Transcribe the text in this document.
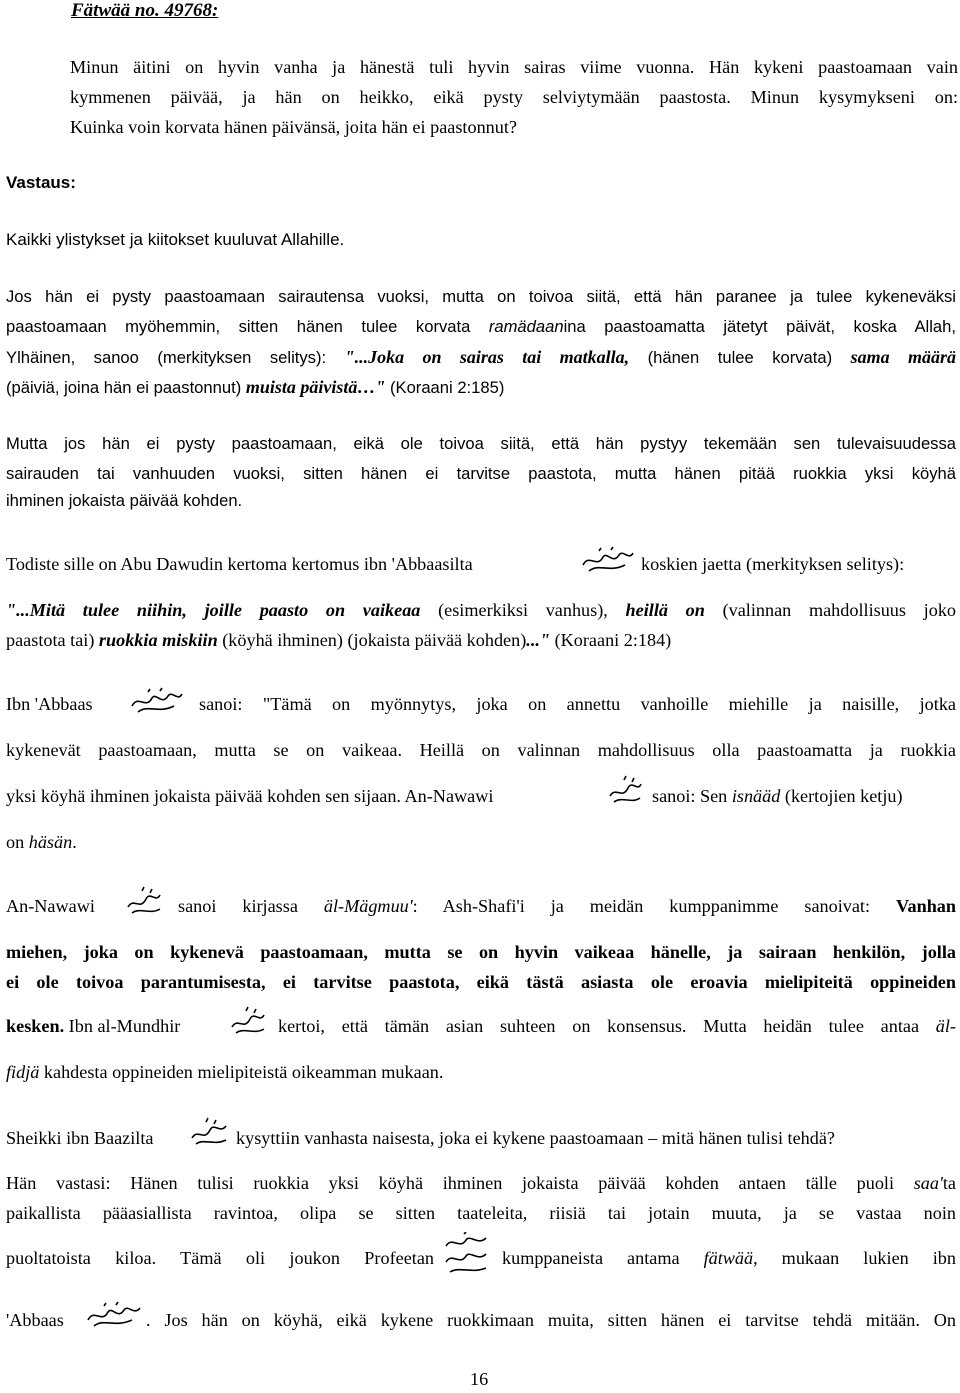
Fätwää no. 49768:
Minun äitini on hyvin vanha ja hänestä tuli hyvin sairas viime vuonna. Hän kykeni paastoamaan vain
kymmenen päivää, ja hän on heikko, eikä pysty selviytymään paastosta. Minun kysymykseni on:
Kuinka voin korvata hänen päivänsä, joita hän ei paastonnut?
Vastaus:
Kaikki ylistykset ja kiitokset kuuluvat Allahille.
Jos hän ei pysty paastoamaan sairautensa vuoksi, mutta on toivoa siitä, että hän paranee ja tulee kykeneväksi
paastoamaan myöhemmin, sitten hänen tulee korvata ramädaanina paastoamatta jätetyt päivät, koska Allah,
Ylhäinen, sanoo (merkityksen selitys): "...Joka on sairas tai matkalla, (hänen tulee korvata) sama määrä
(päiviä, joina hän ei paastonnut) muista päivistä…" (Koraani 2:185)
Mutta jos hän ei pysty paastoamaan, eikä ole toivoa siitä, että hän pystyy tekemään sen tulevaisuudessa
sairauden tai vanhuuden vuoksi, sitten hänen ei tarvitse paastota, mutta hänen pitää ruokkia yksi köyhä
ihminen jokaista päivää kohden.
Todiste sille on Abu Dawudin kertoma kertomus ibn 'Abbaasilta	koskien jaetta (merkityksen selitys):
"...Mitä tulee niihin, joille paasto on vaikeaa (esimerkiksi vanhus), heillä on (valinnan mahdollisuus joko
paastota tai) ruokkia miskiin (köyhä ihminen) (jokaista päivää kohden)..." (Koraani 2:184)
Ibn 'Abbaas	sanoi: "Tämä on myönnytys, joka on annettu vanhoille miehille ja naisille, jotka
kykenevät paastoamaan, mutta se on vaikeaa. Heillä on valinnan mahdollisuus olla paastoamatta ja ruokkia
yksi köyhä ihminen jokaista päivää kohden sen sijaan. An-Nawawi	sanoi: Sen isnääd (kertojien ketju)
on häsän.
An-Nawawi	sanoi kirjassa äl-Mägmuu': Ash-Shafi'i ja meidän kumppanimme sanoivat: Vanhan
miehen, joka on kykenevä paastoamaan, mutta se on hyvin vaikeaa hänelle, ja sairaan henkilön, jolla
ei ole toivoa parantumisesta, ei tarvitse paastota, eikä tästä asiasta ole eroavia mielipiteitä oppineiden
kesken. Ibn al-Mundhir	kertoi, että tämän asian suhteen on konsensus. Mutta heidän tulee antaa äl-
fidjä kahdesta oppineiden mielipiteistä oikeamman mukaan.
Sheikki ibn Baazilta	kysyttiin vanhasta naisesta, joka ei kykene paastoamaan – mitä hänen tulisi tehdä?
Hän vastasi: Hänen tulisi ruokkia yksi köyhä ihminen jokaista päivää kohden antaen tälle puoli saa'ta
paikallista pääasiallista ravintoa, olipa se sitten taateleita, riisiä tai jotain muuta, ja se vastaa noin
puoltatoista kiloa. Tämä oli joukon Profeetan	kumppaneista antama fätwää, mukaan lukien ibn
'Abbaas	. Jos hän on köyhä, eikä kykene ruokkimaan muita, sitten hänen ei tarvitse tehdä mitään. On
16
